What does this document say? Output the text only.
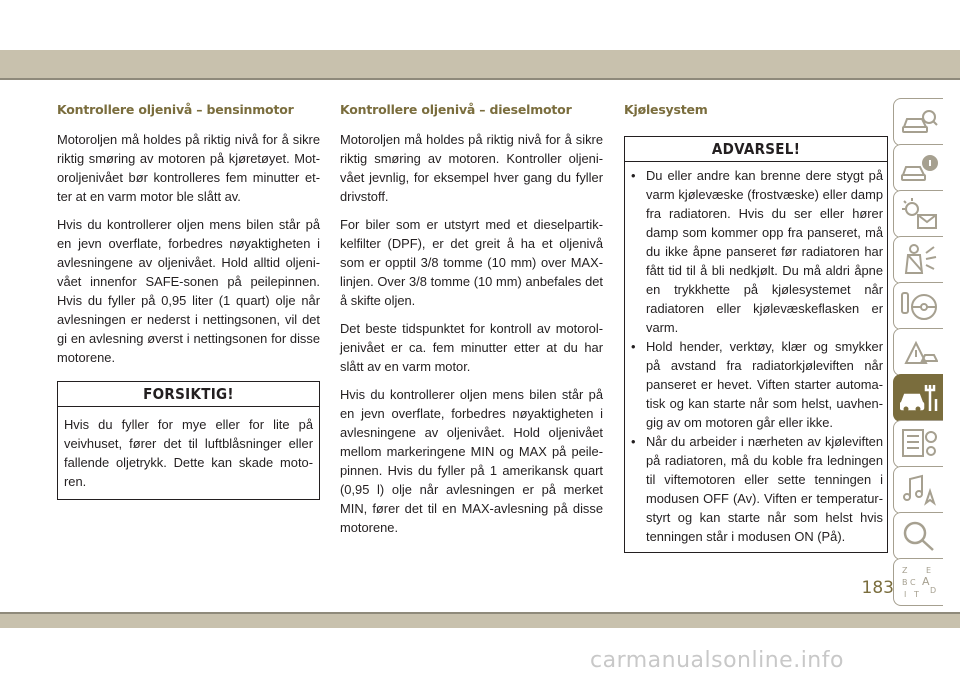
Kontrollere oljenivå – bensinmotor

Motoroljen må holdes på riktig nivå for å sikre riktig smøring av motoren på kjøretøyet. Motoroljenivået bør kontrolleres fem minutter etter at en varm motor ble slått av.

Hvis du kontrollerer oljen mens bilen står på en jevn overflate, forbedres nøyaktigheten i avlesningene av oljenivået. Hold alltid oljenivået innenfor SAFE-sonen på peilepinnen. Hvis du fyller på 0,95 liter (1 quart) olje når avlesningen er nederst i nettingsonen, vil det gi en avlesning øverst i nettingsonen for disse motorene.

FORSIKTIG!
Hvis du fyller for mye eller for lite på veivhuset, fører det til luftblåsninger eller fallende oljetrykk. Dette kan skade motoren.
Kontrollere oljenivå – dieselmotor

Motoroljen må holdes på riktig nivå for å sikre riktig smøring av motoren. Kontroller oljenivået jevnlig, for eksempel hver gang du fyller drivstoff.

For biler som er utstyrt med et dieselpartikkelfilter (DPF), er det greit å ha et oljenivå som er opptil 3/8 tomme (10 mm) over MAX-linjen. Over 3/8 tomme (10 mm) anbefales det å skifte oljen.

Det beste tidspunktet for kontroll av motoroljenivået er ca. fem minutter etter at du har slått av en varm motor.

Hvis du kontrollerer oljen mens bilen står på en jevn overflate, forbedres nøyaktigheten i avlesningene av oljenivået. Hold oljenivået mellom markeringene MIN og MAX på peilepinnen. Hvis du fyller på 1 amerikansk quart (0,95 l) olje når avlesningen er på merket MIN, fører det til en MAX-avlesning på disse motorene.

Kjølesystem
ADVARSEL!
• Du eller andre kan brenne dere stygt på varm kjølevæske (frostvæske) eller damp fra radiatoren. Hvis du ser eller hører damp som kommer opp fra panseret, må du ikke åpne panseret før radiatoren har fått tid til å bli nedkjølt. Du må aldri åpne en trykkhette på kjølesystemet når radiatoren eller kjølevæskeflasken er varm.
• Hold hender, verktøy, klær og smykker på avstand fra radiatorkjøleviften når panseret er hevet. Viften starter automatisk og kan starte når som helst, uavhengig av om motoren går eller ikke.
• Når du arbeider i nærheten av kjøleviften på radiatoren, må du koble fra ledningen til viftemotoren eller sette tenningen i modusen OFF (Av). Viften er temperaturstyrt og kan starte når som helst hvis tenningen står i modusen ON (På).
Z E
B A
C
D
I T
183
carmanualsonline.info
